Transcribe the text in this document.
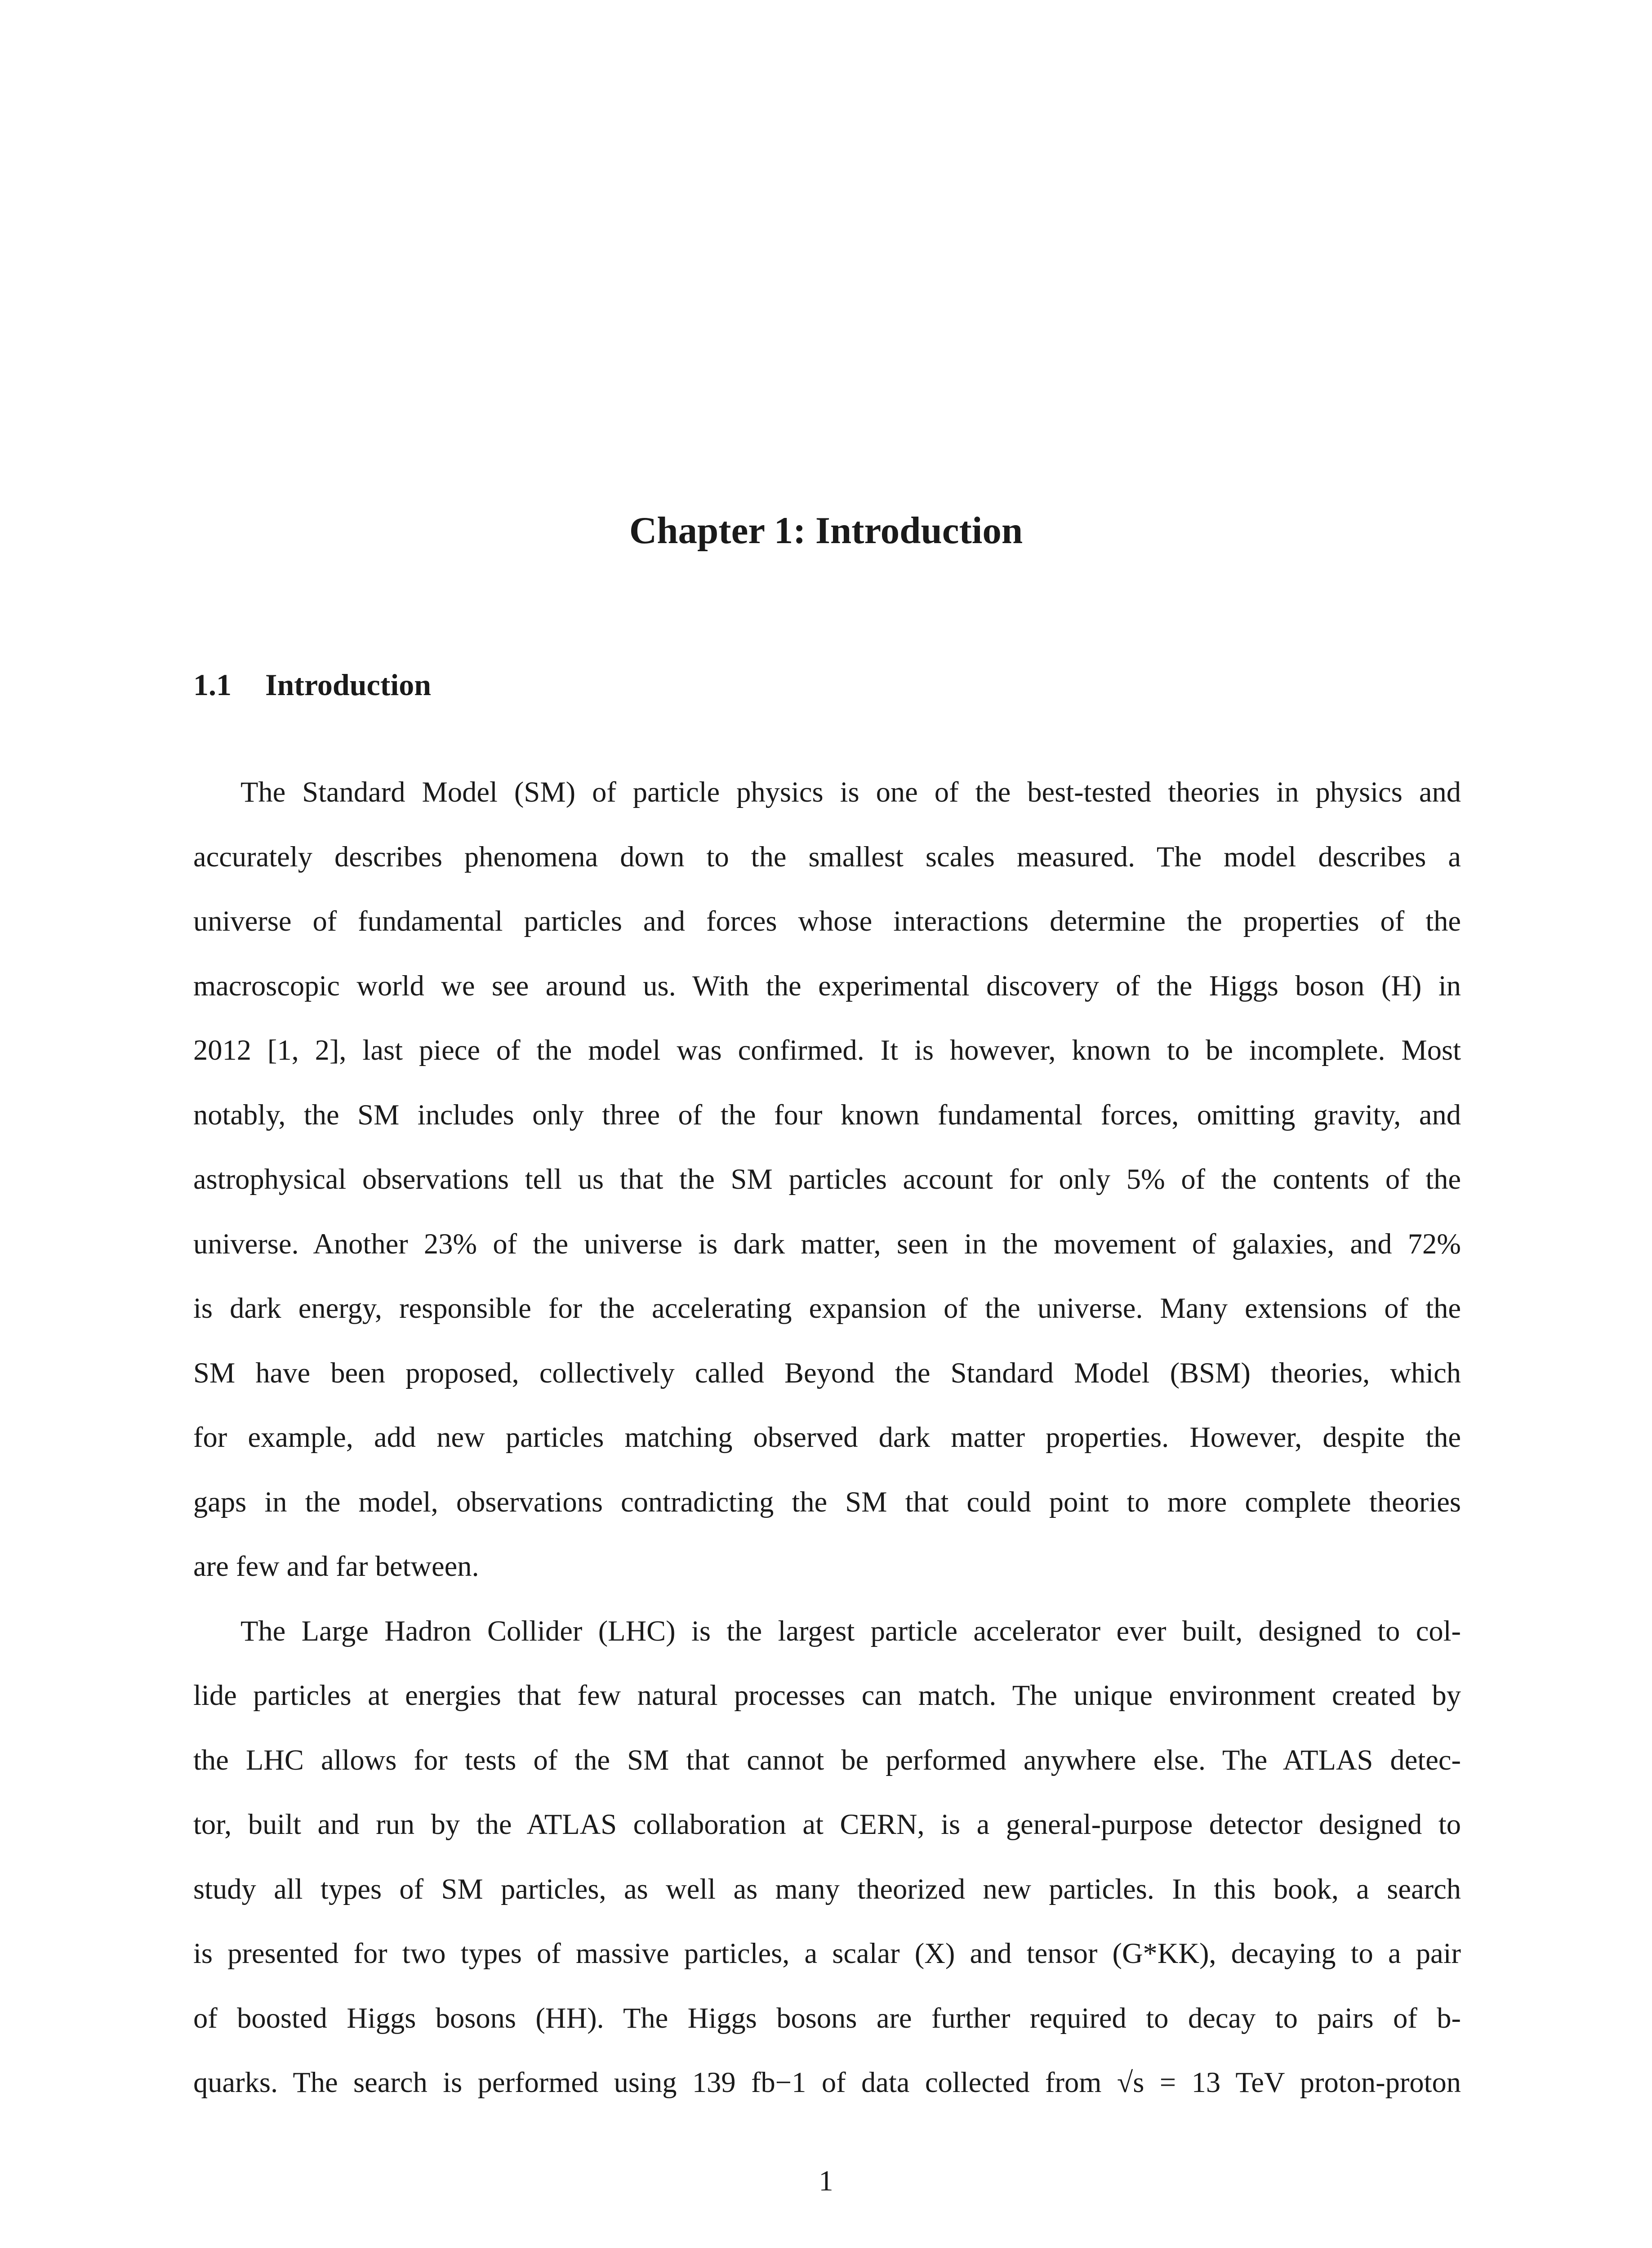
Chapter 1: Introduction
1.1 Introduction
The Standard Model (SM) of particle physics is one of the best-tested theories in physics and
accurately describes phenomena down to the smallest scales measured. The model describes a
universe of fundamental particles and forces whose interactions determine the properties of the
macroscopic world we see around us. With the experimental discovery of the Higgs boson (H) in
2012 [1, 2], last piece of the model was confirmed. It is however, known to be incomplete. Most
notably, the SM includes only three of the four known fundamental forces, omitting gravity, and
astrophysical observations tell us that the SM particles account for only 5% of the contents of the
universe. Another 23% of the universe is dark matter, seen in the movement of galaxies, and 72%
is dark energy, responsible for the accelerating expansion of the universe. Many extensions of the
SM have been proposed, collectively called Beyond the Standard Model (BSM) theories, which
for example, add new particles matching observed dark matter properties. However, despite the
gaps in the model, observations contradicting the SM that could point to more complete theories
are few and far between.
The Large Hadron Collider (LHC) is the largest particle accelerator ever built, designed to col-
lide particles at energies that few natural processes can match. The unique environment created by
the LHC allows for tests of the SM that cannot be performed anywhere else. The ATLAS detec-
tor, built and run by the ATLAS collaboration at CERN, is a general-purpose detector designed to
study all types of SM particles, as well as many theorized new particles. In this book, a search
is presented for two types of massive particles, a scalar (X) and tensor (G*KK), decaying to a pair
of boosted Higgs bosons (HH). The Higgs bosons are further required to decay to pairs of b-
quarks. The search is performed using 139 fb−1 of data collected from √s = 13 TeV proton-proton

1
